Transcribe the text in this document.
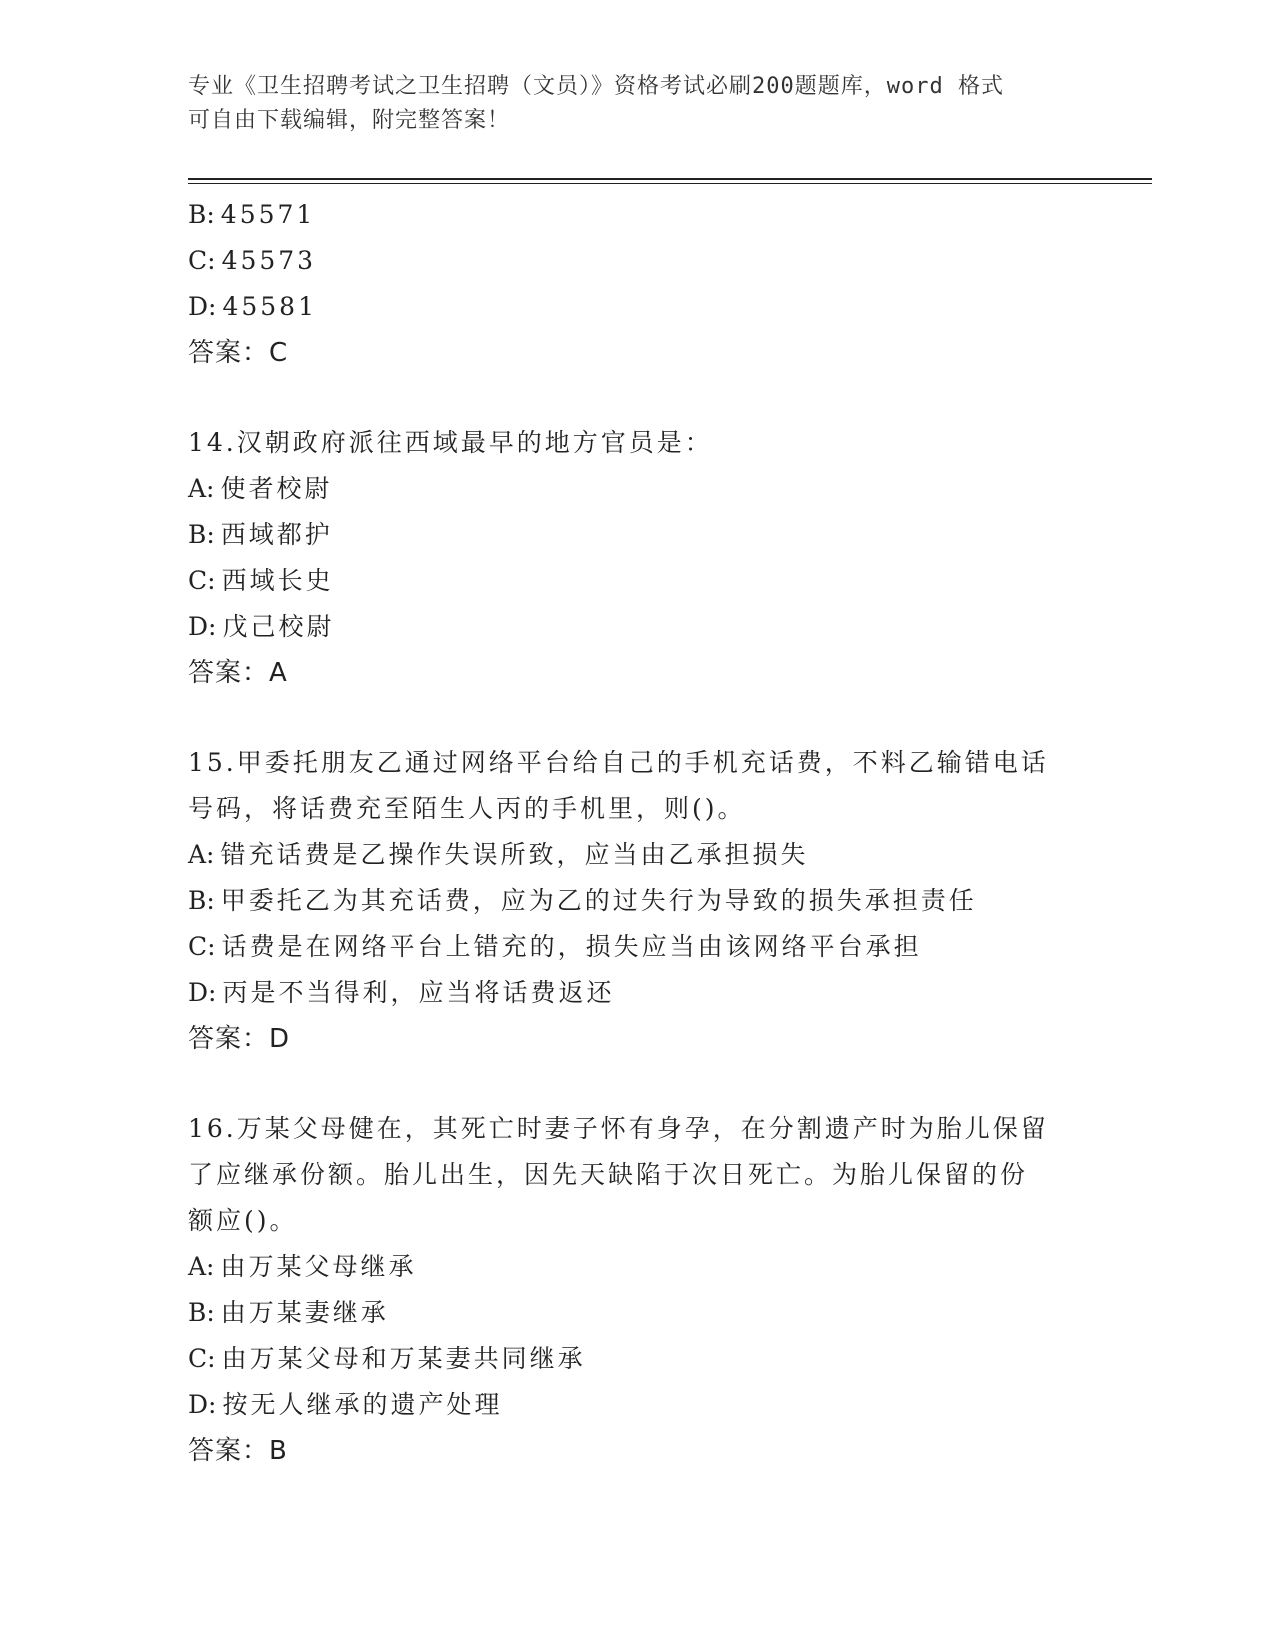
专业《卫生招聘考试之卫生招聘（文员）》资格考试必刷200题题库，word 格式
可自由下载编辑，附完整答案！

B: 45571

C: 45573

D: 45581

答案：C

14.汉朝政府派往西域最早的地方官员是：

A: 使者校尉

B: 西域都护

C: 西域长史

D: 戊己校尉

答案：A

15.甲委托朋友乙通过网络平台给自己的手机充话费，不料乙输错电话

号码，将话费充至陌生人丙的手机里，则()。

A: 错充话费是乙操作失误所致，应当由乙承担损失

B: 甲委托乙为其充话费，应为乙的过失行为导致的损失承担责任

C: 话费是在网络平台上错充的，损失应当由该网络平台承担

D: 丙是不当得利，应当将话费返还

答案：D

16.万某父母健在，其死亡时妻子怀有身孕，在分割遗产时为胎儿保留

了应继承份额。胎儿出生，因先天缺陷于次日死亡。为胎儿保留的份

额应()。

A: 由万某父母继承

B: 由万某妻继承

C: 由万某父母和万某妻共同继承

D: 按无人继承的遗产处理

答案：B
